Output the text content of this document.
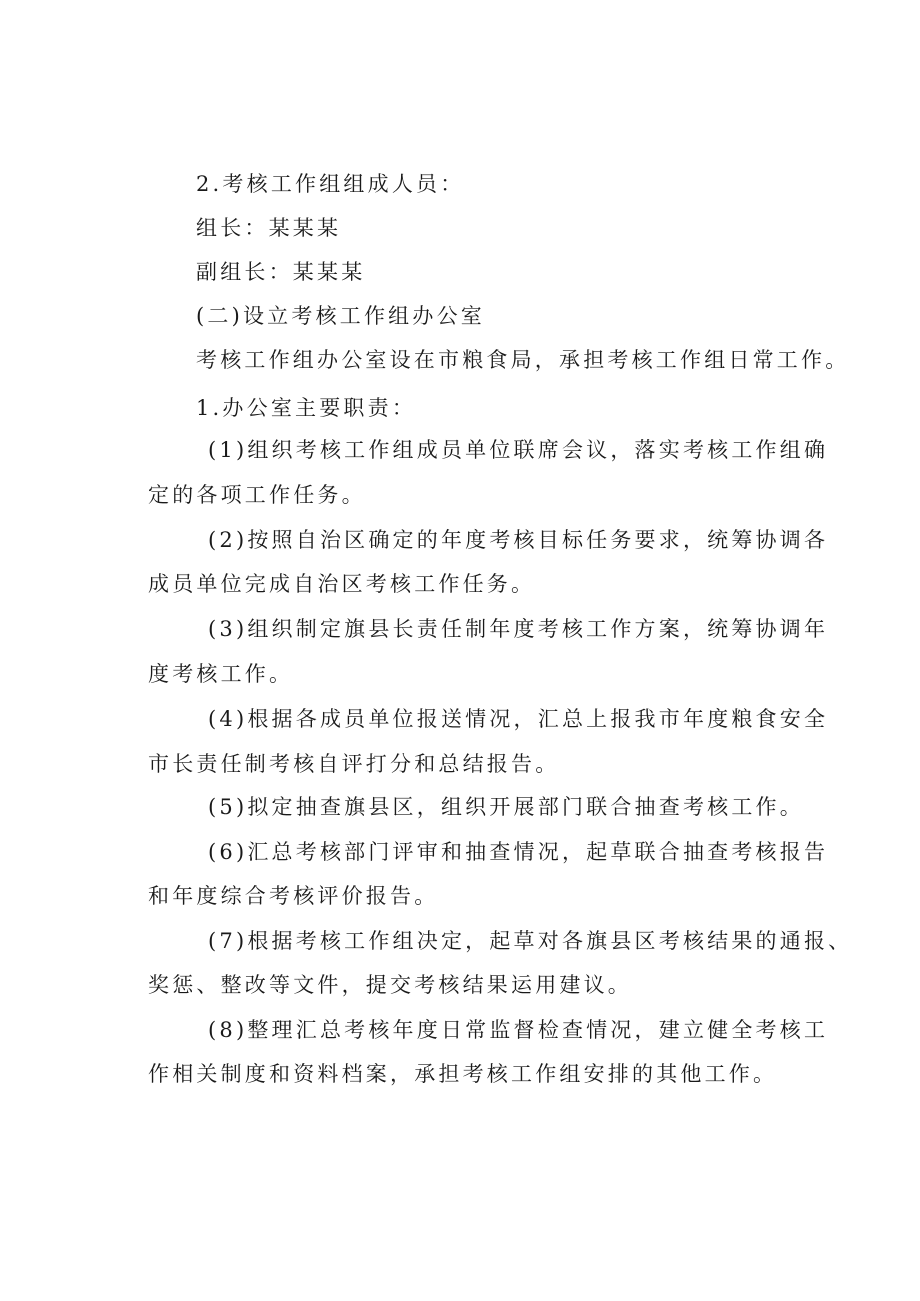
2.考核工作组组成人员：
组长：某某某
副组长：某某某
(二)设立考核工作组办公室
考核工作组办公室设在市粮食局，承担考核工作组日常工作。
1.办公室主要职责：
(1)组织考核工作组成员单位联席会议，落实考核工作组确
定的各项工作任务。
(2)按照自治区确定的年度考核目标任务要求，统筹协调各
成员单位完成自治区考核工作任务。
(3)组织制定旗县长责任制年度考核工作方案，统筹协调年
度考核工作。
(4)根据各成员单位报送情况，汇总上报我市年度粮食安全
市长责任制考核自评打分和总结报告。
(5)拟定抽查旗县区，组织开展部门联合抽查考核工作。
(6)汇总考核部门评审和抽查情况，起草联合抽查考核报告
和年度综合考核评价报告。
(7)根据考核工作组决定，起草对各旗县区考核结果的通报、
奖惩、整改等文件，提交考核结果运用建议。
(8)整理汇总考核年度日常监督检查情况，建立健全考核工
作相关制度和资料档案，承担考核工作组安排的其他工作。
